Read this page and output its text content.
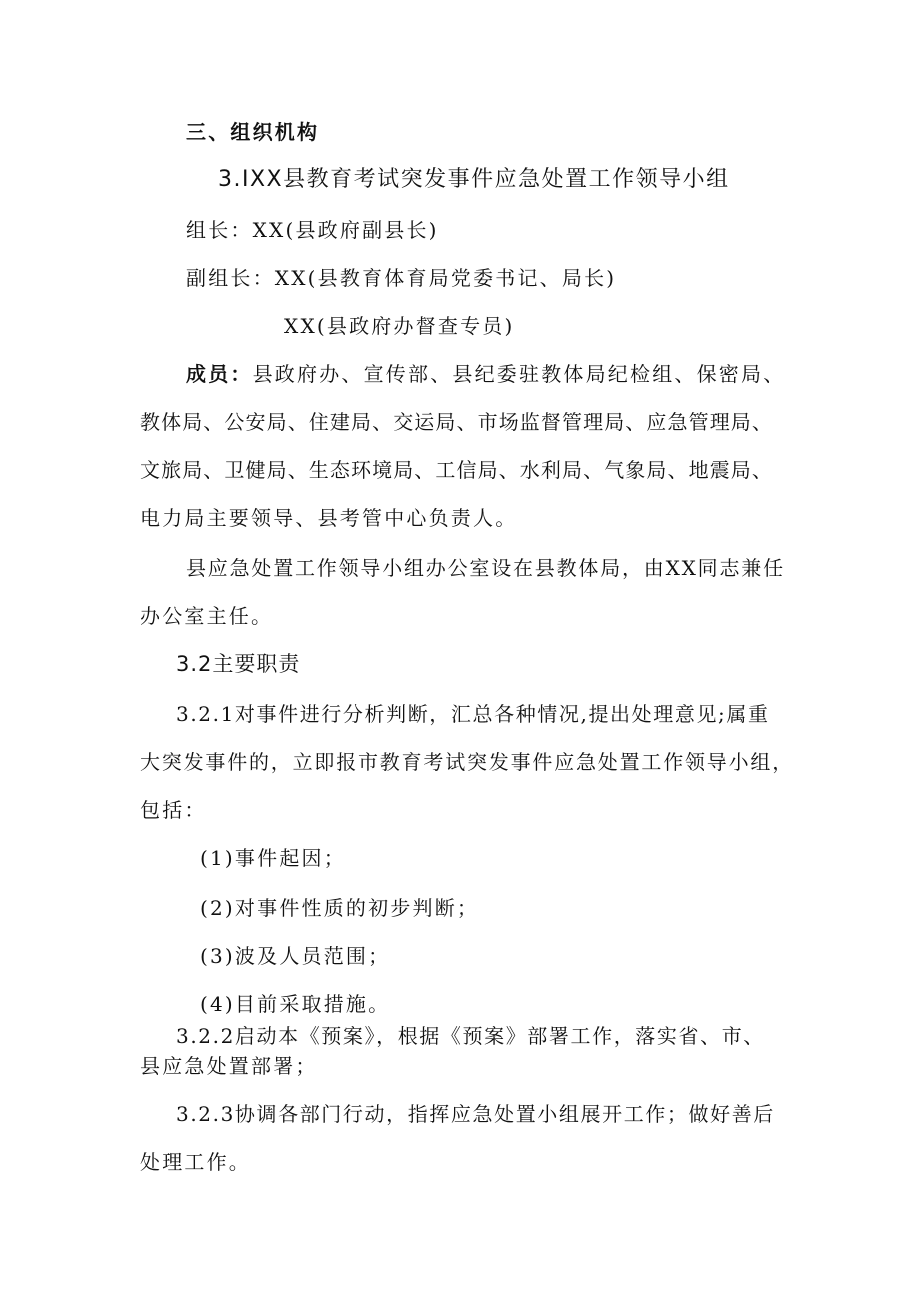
三、组织机构
3.IXX县教育考试突发事件应急处置工作领导小组
组长：XX(县政府副县长)
副组长：XX(县教育体育局党委书记、局长)
XX(县政府办督查专员)
成员：县政府办、宣传部、县纪委驻教体局纪检组、保密局、
教体局、公安局、住建局、交运局、市场监督管理局、应急管理局、
文旅局、卫健局、生态环境局、工信局、水利局、气象局、地震局、
电力局主要领导、县考管中心负责人。
县应急处置工作领导小组办公室设在县教体局，由XX同志兼任
办公室主任。
3.2主要职责
3.2.1对事件进行分析判断，汇总各种情况,提出处理意见;属重
大突发事件的，立即报市教育考试突发事件应急处置工作领导小组，
包括：
(1)事件起因；
(2)对事件性质的初步判断；
(3)波及人员范围；
(4)目前采取措施。
3.2.2启动本《预案》，根据《预案》部署工作，落实省、市、
县应急处置部署；
3.2.3协调各部门行动，指挥应急处置小组展开工作；做好善后
处理工作。
